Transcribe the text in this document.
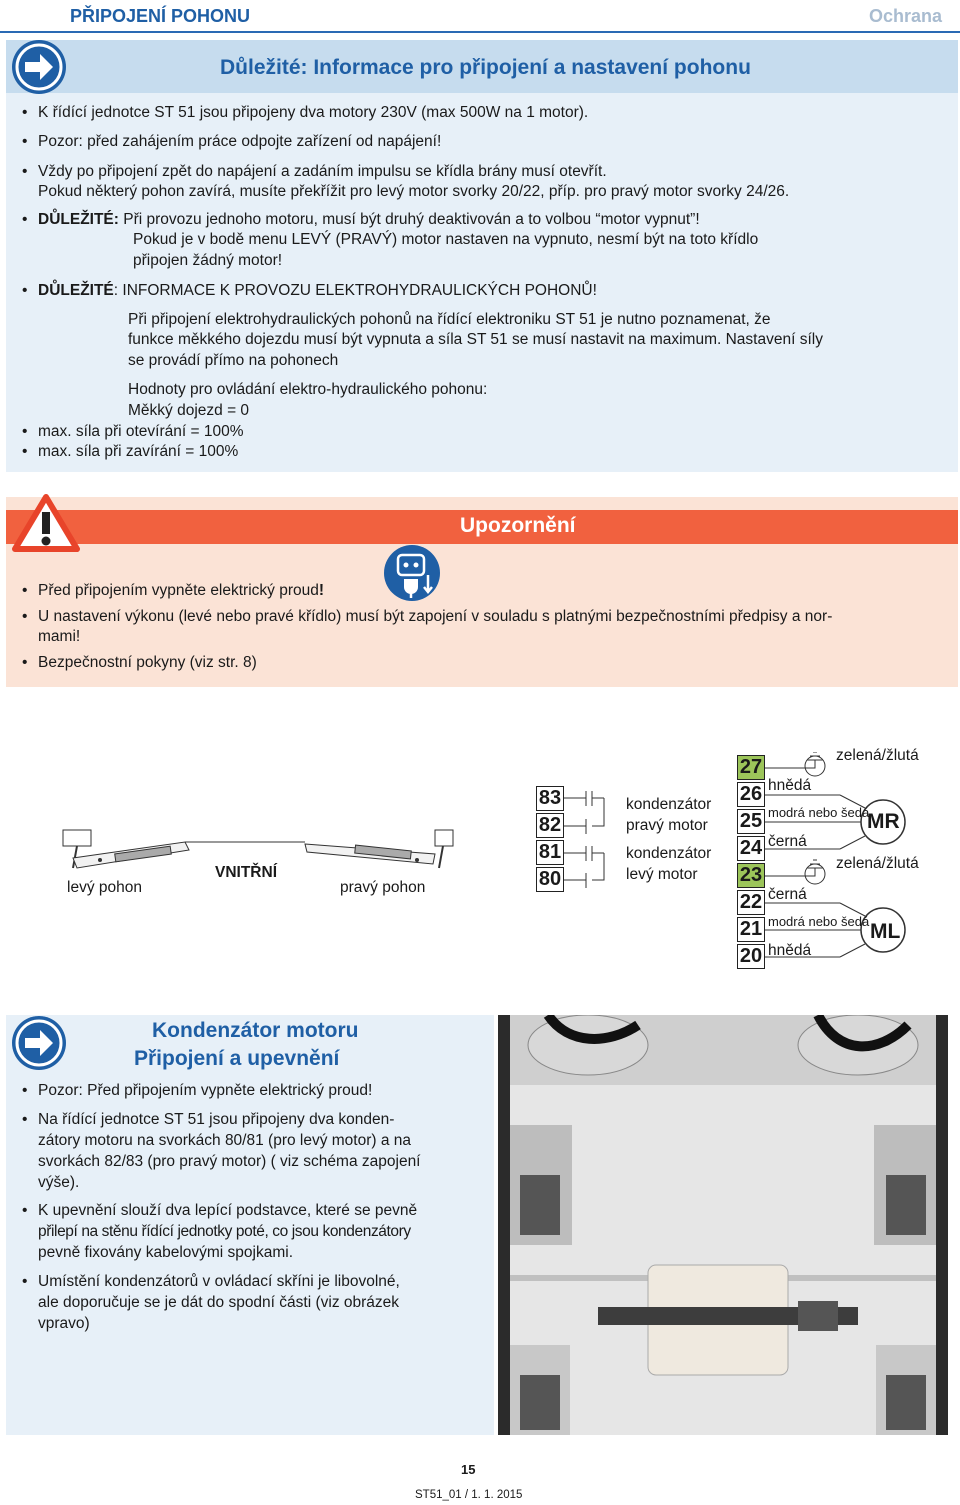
PŘIPOJENÍ POHONU	Ochrana
Důležité: Informace pro připojení a nastavení pohonu
• K řídící jednotce ST 51 jsou připojeny dva motory 230V (max 500W na 1 motor).
• Pozor: před zahájením práce odpojte zařízení od napájení!
• Vždy po připojení zpět do napájení a zadáním impulsu se křídla brány musí otevřít.
Pokud některý pohon zavírá, musíte překřížit pro levý motor svorky 20/22, příp. pro pravý motor svorky 24/26.
• DŮLEŽITÉ: Při provozu jednoho motoru, musí být druhý deaktivován a to volbou “motor vypnut”!
Pokud je v bodě menu LEVÝ (PRAVÝ) motor nastaven na vypnuto, nesmí být na toto křídlo
připojen žádný motor!
• DŮLEŽITÉ: INFORMACE K PROVOZU ELEKTROHYDRAULICKÝCH POHONŮ!
Při připojení elektrohydraulických pohonů na řídící elektroniku ST 51 je nutno poznamenat, že
funkce měkkého dojezdu musí být vypnuta a síla ST 51 se musí nastavit na maximum. Nastavení síly
se provádí přímo na pohonech
Hodnoty pro ovládání elektro-hydraulického pohonu:
Měkký dojezd = 0
• max. síla při otevírání = 100%
• max. síla při zavírání = 100%
Upozornění
• Před připojením vypněte elektrický proud!
• U nastavení výkonu (levé nebo pravé křídlo) musí být zapojení v souladu s platnými bezpečnostními předpisy a nor-
mami!
• Bezpečnostní pokyny (viz str. 8)
levý pohon
VNITŘNÍ
pravý pohon
83
82
81
80
kondenzátor
pravý motor
kondenzátor
levý motor
27
26
25
24
23
22
21
20
zelená/žlutá
hnědá
modrá nebo šedá
černá
MR
zelená/žlutá
černá
modrá nebo šedá
hnědá
ML
Kondenzátor motoru
Připojení a upevnění
• Pozor: Před připojením vypněte elektrický proud!
• Na řídící jednotce ST 51 jsou připojeny dva konden-
zátory motoru na svorkách 80/81 (pro levý motor) a na
svorkách 82/83 (pro pravý motor) ( viz schéma zapojení
výše).
• K upevnění slouží dva lepící podstavce, které se pevně
přilepí na stěnu řídící jednotky poté, co jsou kondenzátory
pevně fixovány kabelovými spojkami.
• Umístění kondenzátorů v ovládací skříni je libovolné,
ale doporučuje se je dát do spodní části (viz obrázek
vpravo)
15
ST51_01 / 1. 1. 2015
